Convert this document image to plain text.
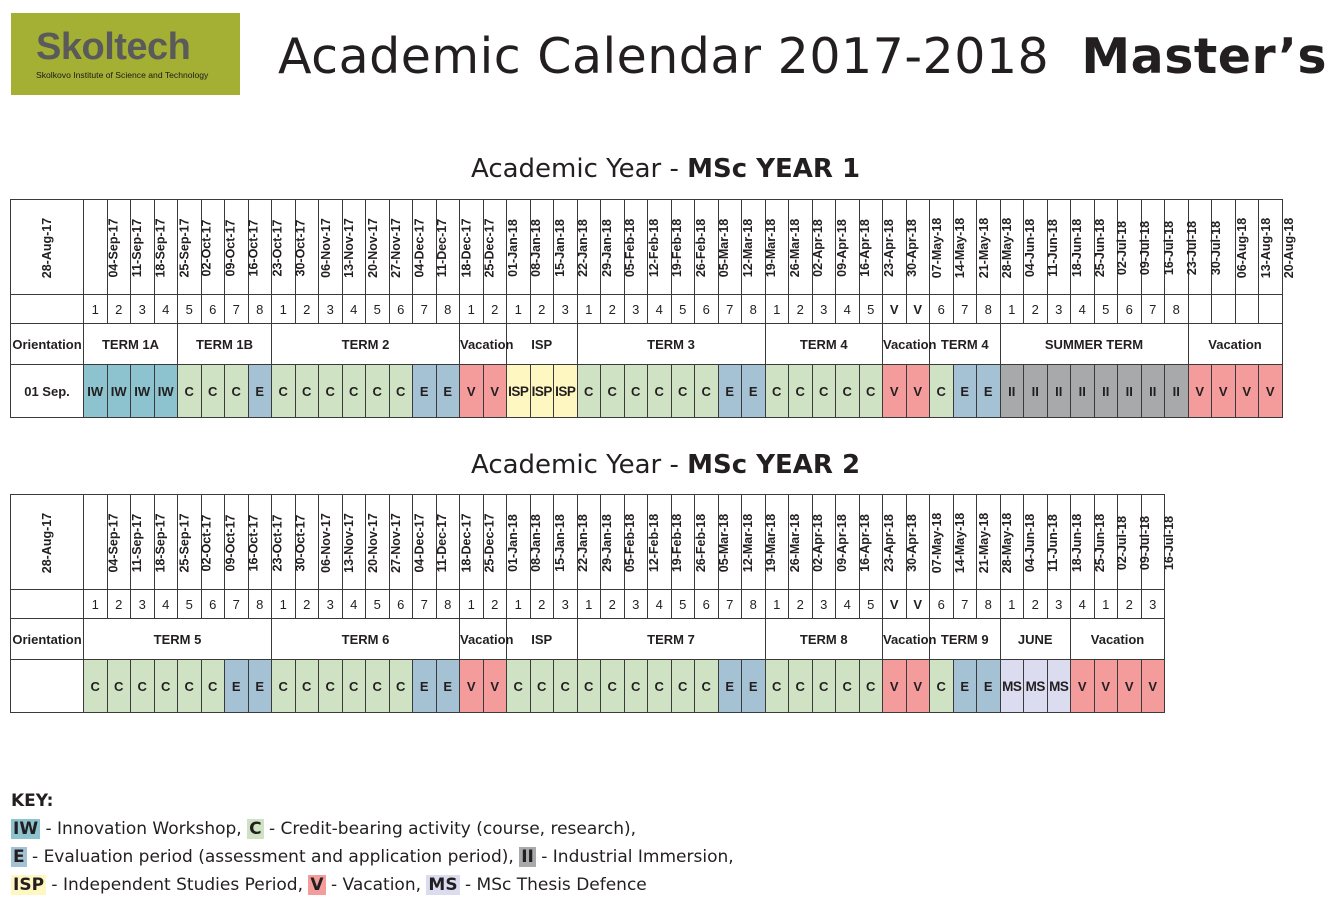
Skoltech
Skolkovo Institute of Science and Technology Academic Calendar 2017-2018 Master’s
Academic Year - MSc YEAR 1
28-Aug-17	04-Sep-17	11-Sep-17	18-Sep-17	25-Sep-17	02-Oct-17	09-Oct-17	16-Oct-17	23-Oct-17	30-Oct-17	06-Nov-17	13-Nov-17	20-Nov-17	27-Nov-17	04-Dec-17	11-Dec-17	18-Dec-17	25-Dec-17	01-Jan-18	08-Jan-18	15-Jan-18	22-Jan-18	29-Jan-18	05-Feb-18	12-Feb-18	19-Feb-18	26-Feb-18	05-Mar-18	12-Mar-18	19-Mar-18	26-Mar-18	02-Apr-18	09-Apr-18	16-Apr-18	23-Apr-18	30-Apr-18	07-May-18	14-May-18	21-May-18	28-May-18	04-Jun-18	11-Jun-18	18-Jun-18	25-Jun-18	02-Jul-18	09-Jul-18	16-Jul-18	23-Jul-18	30-Jul-18	06-Aug-18	13-Aug-18	20-Aug-18
	1	2	3	4	5	6	7	8	1	2	3	4	5	6	7	8	1	2	1	2	3	1	2	3	4	5	6	7	8	1	2	3	4	5	V	V	6	7	8	1	2	3	4	5	6	7	8				
Orientation	TERM 1A				TERM 1B				TERM 2								Vacation		ISP			TERM 3								TERM 4					Vacation		TERM 4			SUMMER TERM								Vacation			
01 Sep.	IW	IW	IW	IW	C	C	C	E	C	C	C	C	C	C	E	E	V	V	ISP	ISP	ISP	C	C	C	C	C	C	E	E	C	C	C	C	C	V	V	C	E	E	II	II	II	II	II	II	II	II	V	V	V	V
Academic Year - MSc YEAR 2
28-Aug-17	04-Sep-17	11-Sep-17	18-Sep-17	25-Sep-17	02-Oct-17	09-Oct-17	16-Oct-17	23-Oct-17	30-Oct-17	06-Nov-17	13-Nov-17	20-Nov-17	27-Nov-17	04-Dec-17	11-Dec-17	18-Dec-17	25-Dec-17	01-Jan-18	08-Jan-18	15-Jan-18	22-Jan-18	29-Jan-18	05-Feb-18	12-Feb-18	19-Feb-18	26-Feb-18	05-Mar-18	12-Mar-18	19-Mar-18	26-Mar-18	02-Apr-18	09-Apr-18	16-Apr-18	23-Apr-18	30-Apr-18	07-May-18	14-May-18	21-May-18	28-May-18	04-Jun-18	11-Jun-18	18-Jun-18	25-Jun-18	02-Jul-18	09-Jul-18	16-Jul-18
	1	2	3	4	5	6	7	8	1	2	3	4	5	6	7	8	1	2	1	2	3	1	2	3	4	5	6	7	8	1	2	3	4	5	V	V	6	7	8	1	2	3	4	1	2	3
Orientation	TERM 5								TERM 6								Vacation		ISP			TERM 7								TERM 8					Vacation		TERM 9			JUNE			Vacation			
	C	C	C	C	C	C	E	E	C	C	C	C	C	C	E	E	V	V	C	C	C	C	C	C	C	C	C	E	E	C	C	C	C	C	V	V	C	E	E	MS	MS	MS	V	V	V	V
KEY:
IW - Innovation Workshop, C - Credit-bearing activity (course, research),
E - Evaluation period (assessment and application period), II - Industrial Immersion,
ISP - Independent Studies Period, V - Vacation, MS - MSc Thesis Defence
